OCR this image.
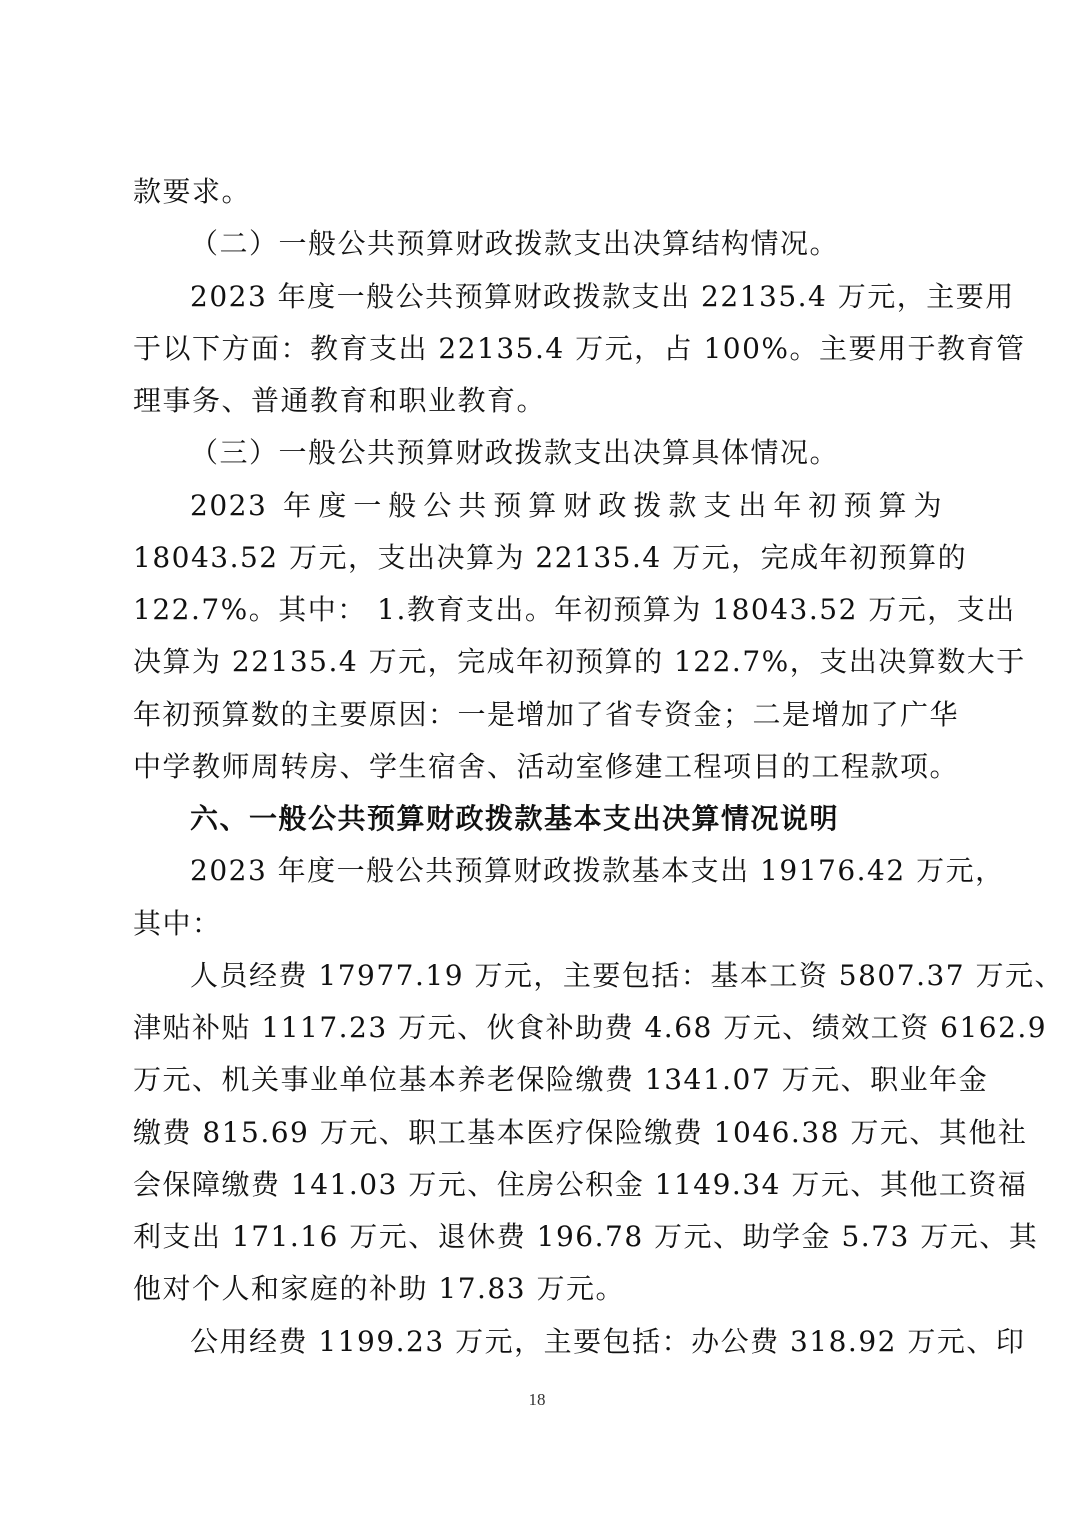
款要求。
（二）一般公共预算财政拨款支出决算结构情况。
2023 年度一般公共预算财政拨款支出 22135.4 万元，主要用
于以下方面：教育支出 22135.4 万元，占 100%。主要用于教育管
理事务、普通教育和职业教育。
（三）一般公共预算财政拨款支出决算具体情况。
2023 年度一般公共预算财政拨款支出年初预算为
18043.52 万元，支出决算为 22135.4 万元，完成年初预算的
122.7%。其中： 1.教育支出。年初预算为 18043.52 万元，支出
决算为 22135.4 万元，完成年初预算的 122.7%，支出决算数大于
年初预算数的主要原因：一是增加了省专资金；二是增加了广华
中学教师周转房、学生宿舍、活动室修建工程项目的工程款项。
六、一般公共预算财政拨款基本支出决算情况说明
2023 年度一般公共预算财政拨款基本支出 19176.42 万元，
其中：
人员经费 17977.19 万元，主要包括：基本工资 5807.37 万元、
津贴补贴 1117.23 万元、伙食补助费 4.68 万元、绩效工资 6162.9
万元、机关事业单位基本养老保险缴费 1341.07 万元、职业年金
缴费 815.69 万元、职工基本医疗保险缴费 1046.38 万元、其他社
会保障缴费 141.03 万元、住房公积金 1149.34 万元、其他工资福
利支出 171.16 万元、退休费 196.78 万元、助学金 5.73 万元、其
他对个人和家庭的补助 17.83 万元。
公用经费 1199.23 万元，主要包括：办公费 318.92 万元、印
18
